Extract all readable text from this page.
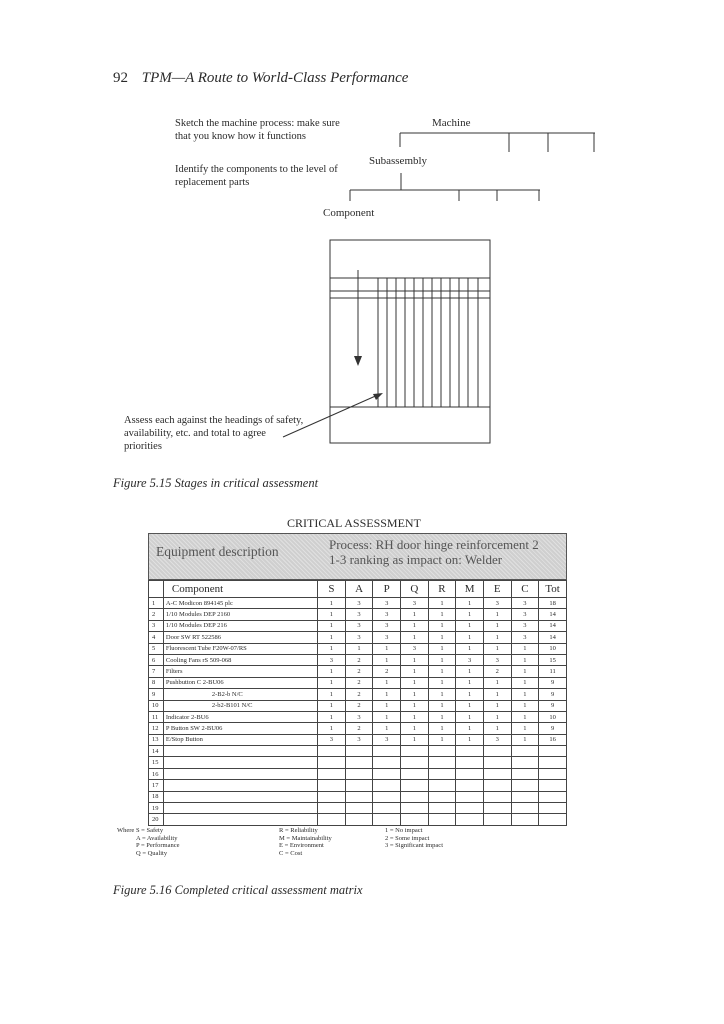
92 TPM—A Route to World-Class Performance
Sketch the machine process: make sure that you know how it functions
Identify the components to the level of replacement parts
Machine
Subassembly
Component
Assess each against the headings of safety, availability, etc. and total to agree priorities
Figure 5.15 Stages in critical assessment
CRITICAL ASSESSMENT
Equipment description	Process: RH door hinge reinforcement 2
1-3 ranking as impact on: Welder
	Component	S	A	P	Q	R	M	E	C	Tot
1	A-C Modicon 894145 plc	1	3	3	3	1	1	3	3	18
2	1/10 Modules DEP 2160	1	3	3	1	1	1	1	3	14
3	1/10 Modules DEP 216	1	3	3	1	1	1	1	3	14
4	Door SW RT 522586	1	3	3	1	1	1	1	3	14
5	Fluorescent Tube F20W-07/RS	1	1	1	3	1	1	1	1	10
6	Cooling Fans rS 509-068	3	2	1	1	1	3	3	1	15
7	Filters	1	2	2	1	1	1	2	1	11
8	Pushbutton C 2-BU06	1	2	1	1	1	1	1	1	9
9	2-B2-b N/C	1	2	1	1	1	1	1	1	9
10	2-b2-B101 N/C	1	2	1	1	1	1	1	1	9
11	Indicator 2-BU6	1	3	1	1	1	1	1	1	10
12	P Button SW 2-BU06	1	2	1	1	1	1	1	1	9
13	E/Stop Button	3	3	3	1	1	1	3	1	16
14										
15										
16										
17										
18										
19										
20										
Where S = Safety
A = Availability
P = Performance
Q = Quality
R = Reliability
M = Maintainability
E = Environment
C = Cost
1 = No impact
2 = Some impact
3 = Significant impact
Figure 5.16 Completed critical assessment matrix
